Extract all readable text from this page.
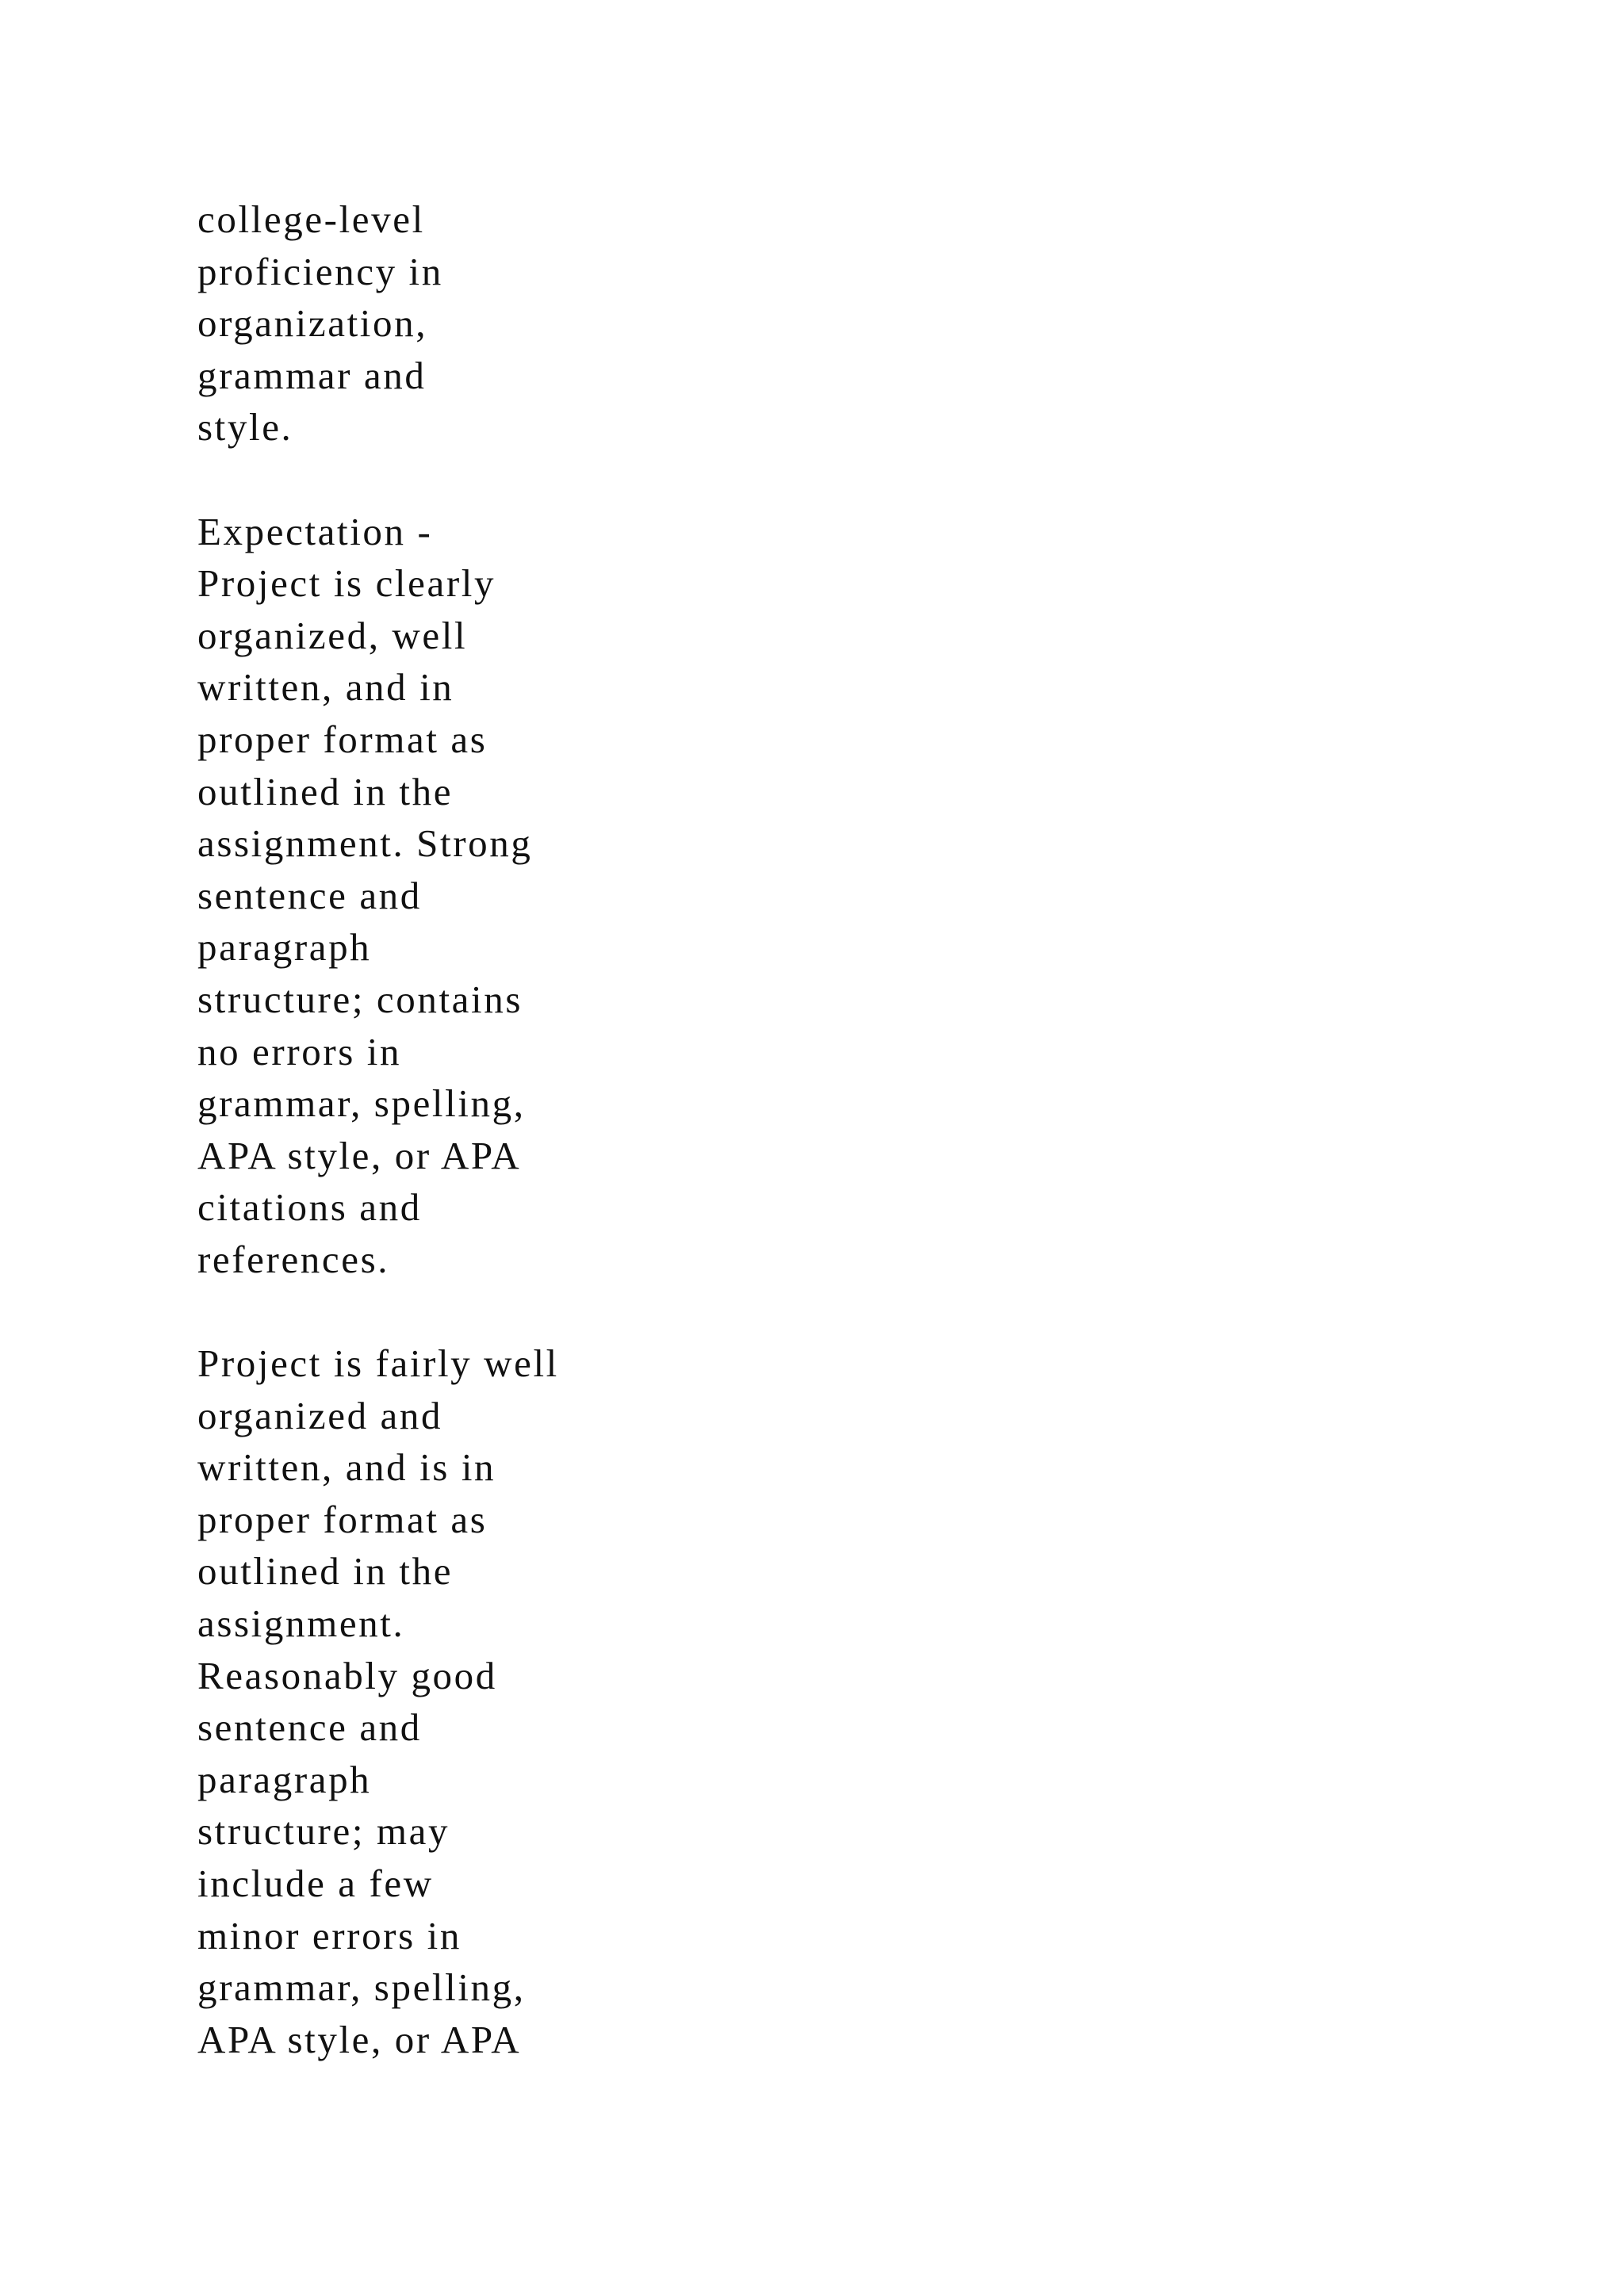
college-level
proficiency in
organization,
grammar and
style.
Expectation -
Project is clearly
organized, well
written, and in
proper format as
outlined in the
assignment. Strong
sentence and
paragraph
structure; contains
no errors in
grammar, spelling,
APA style, or APA
citations and
references.
Project is fairly well
organized and
written, and is in
proper format as
outlined in the
assignment.
Reasonably good
sentence and
paragraph
structure; may
include a few
minor errors in
grammar, spelling,
APA style, or APA
